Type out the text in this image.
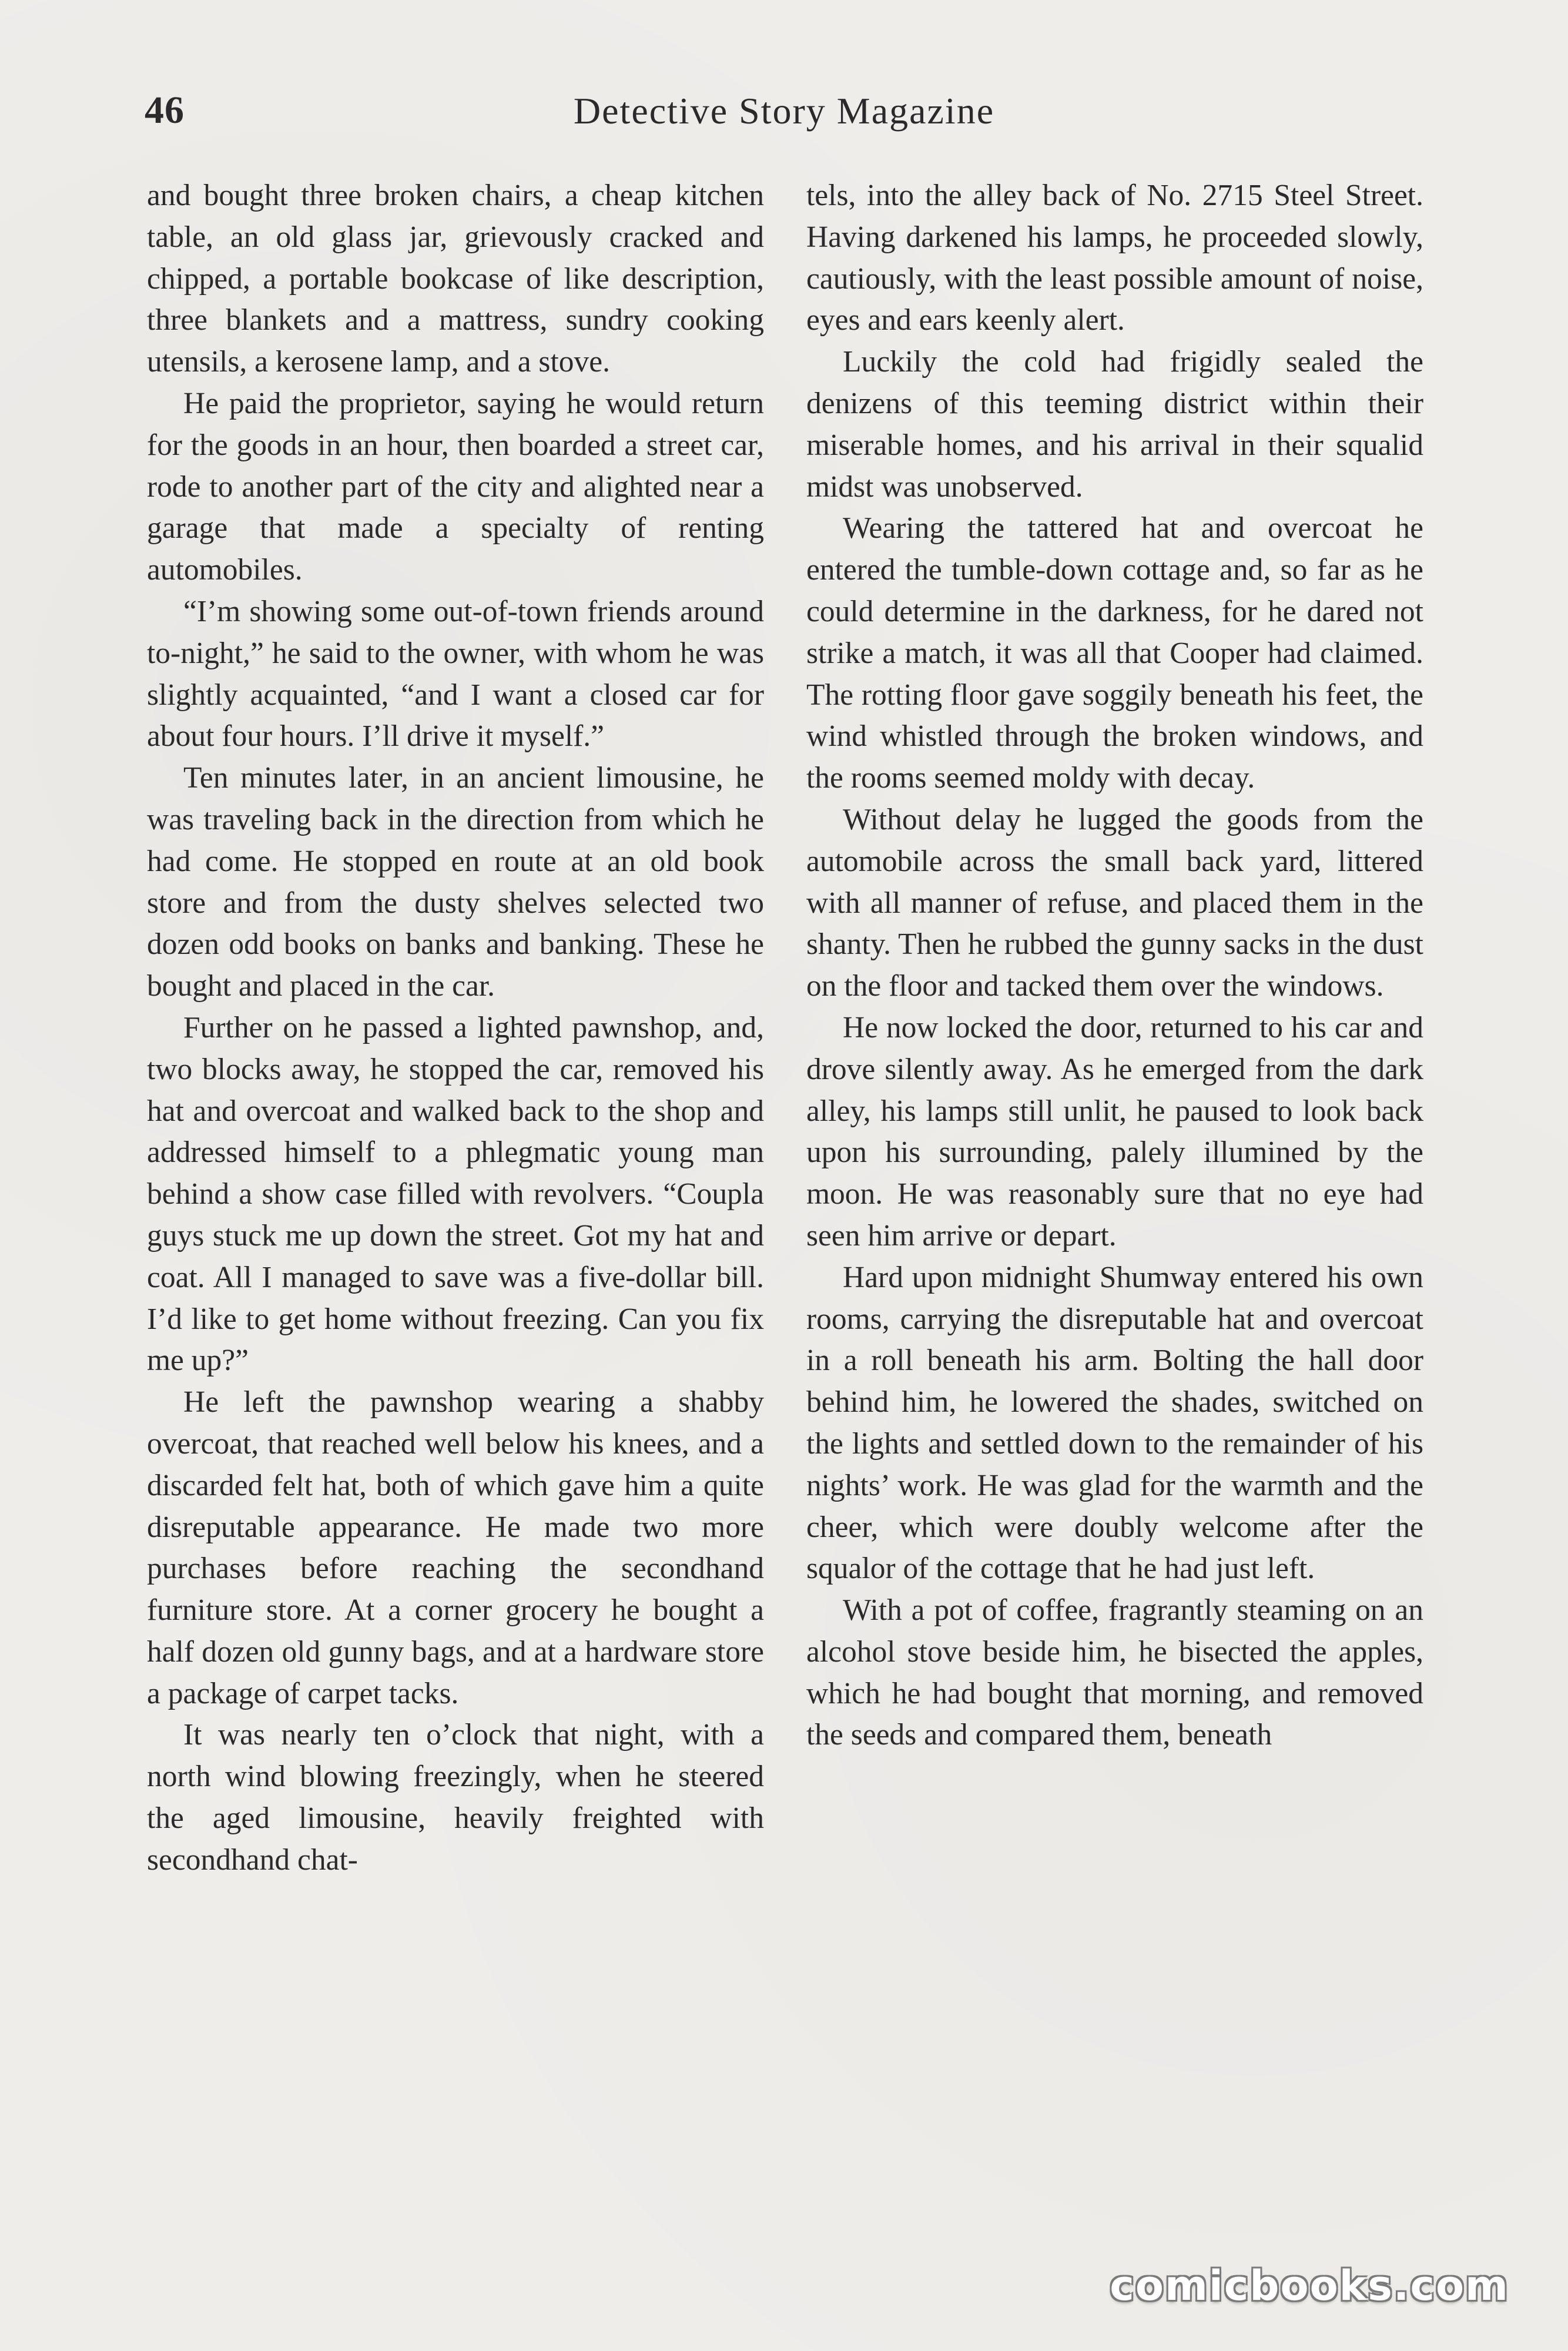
46	Detective Story Magazine

and bought three broken chairs, a cheap kitchen table, an old glass jar, grievously cracked and chipped, a portable bookcase of like description, three blankets and a mattress, sundry cooking utensils, a kerosene lamp, and a stove.

He paid the proprietor, saying he would return for the goods in an hour, then boarded a street car, rode to another part of the city and alighted near a garage that made a specialty of renting automobiles.

“I’m showing some out-of-town friends around to-night,” he said to the owner, with whom he was slightly acquainted, “and I want a closed car for about four hours. I’ll drive it myself.”

Ten minutes later, in an ancient limousine, he was traveling back in the direction from which he had come. He stopped en route at an old book store and from the dusty shelves selected two dozen odd books on banks and banking. These he bought and placed in the car.

Further on he passed a lighted pawnshop, and, two blocks away, he stopped the car, removed his hat and overcoat and walked back to the shop and addressed himself to a phlegmatic young man behind a show case filled with revolvers. “Coupla guys stuck me up down the street. Got my hat and coat. All I managed to save was a five-dollar bill. I’d like to get home without freezing. Can you fix me up?”

He left the pawnshop wearing a shabby overcoat, that reached well below his knees, and a discarded felt hat, both of which gave him a quite disreputable appearance. He made two more purchases before reaching the secondhand furniture store. At a corner grocery he bought a half dozen old gunny bags, and at a hardware store a package of carpet tacks.

It was nearly ten o’clock that night, with a north wind blowing freezingly, when he steered the aged limousine, heavily freighted with secondhand chat-

tels, into the alley back of No. 2715 Steel Street. Having darkened his lamps, he proceeded slowly, cautiously, with the least possible amount of noise, eyes and ears keenly alert.

Luckily the cold had frigidly sealed the denizens of this teeming district within their miserable homes, and his arrival in their squalid midst was unobserved.

Wearing the tattered hat and overcoat he entered the tumble-down cottage and, so far as he could determine in the darkness, for he dared not strike a match, it was all that Cooper had claimed. The rotting floor gave soggily beneath his feet, the wind whistled through the broken windows, and the rooms seemed moldy with decay.

Without delay he lugged the goods from the automobile across the small back yard, littered with all manner of refuse, and placed them in the shanty. Then he rubbed the gunny sacks in the dust on the floor and tacked them over the windows.

He now locked the door, returned to his car and drove silently away. As he emerged from the dark alley, his lamps still unlit, he paused to look back upon his surrounding, palely illumined by the moon. He was reasonably sure that no eye had seen him arrive or depart.

Hard upon midnight Shumway entered his own rooms, carrying the disreputable hat and overcoat in a roll beneath his arm. Bolting the hall door behind him, he lowered the shades, switched on the lights and settled down to the remainder of his nights’ work. He was glad for the warmth and the cheer, which were doubly welcome after the squalor of the cottage that he had just left.

With a pot of coffee, fragrantly steaming on an alcohol stove beside him, he bisected the apples, which he had bought that morning, and removed the seeds and compared them, beneath

comicbooks.com
